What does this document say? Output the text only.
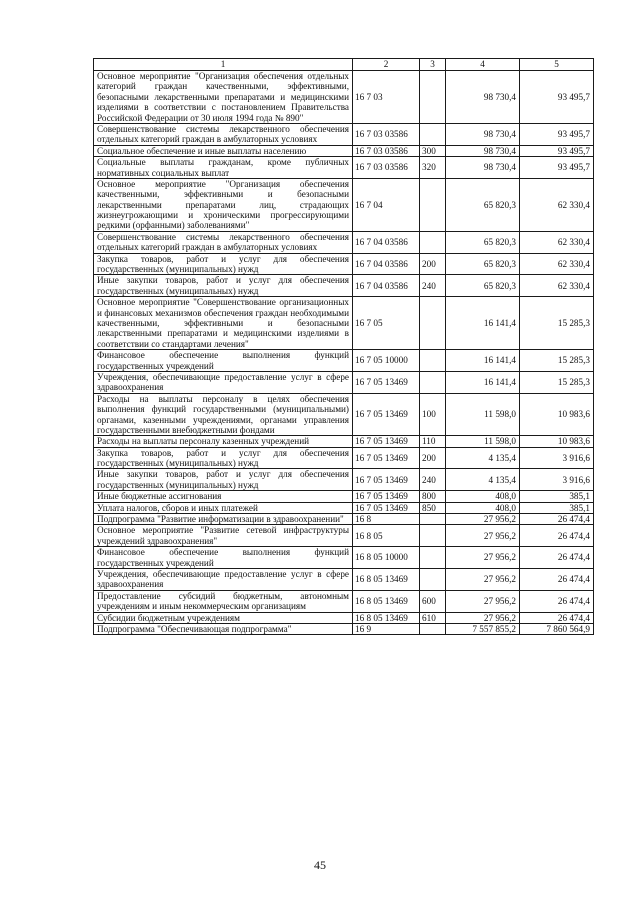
1	2	3	4	5
Основное мероприятие "Организация обеспечения отдельных категорий граждан качественными, эффективными, безопасными лекарственными препаратами и медицинскими изделиями в соответствии с постановлением Правительства Российской Федерации от 30 июля 1994 года № 890"	16 7 03		98 730,4	93 495,7
Совершенствование системы лекарственного обеспечения отдельных категорий граждан в амбулаторных условиях	16 7 03 03586		98 730,4	93 495,7
Социальное обеспечение и иные выплаты населению	16 7 03 03586	300	98 730,4	93 495,7
Социальные выплаты гражданам, кроме публичных нормативных социальных выплат	16 7 03 03586	320	98 730,4	93 495,7
Основное мероприятие "Организация обеспечения качественными, эффективными и безопасными лекарственными препаратами лиц, страдающих жизнеугрожающими и хроническими прогрессирующими редкими (орфанными) заболеваниями"	16 7 04		65 820,3	62 330,4
Совершенствование системы лекарственного обеспечения отдельных категорий граждан в амбулаторных условиях	16 7 04 03586		65 820,3	62 330,4
Закупка товаров, работ и услуг для обеспечения государственных (муниципальных) нужд	16 7 04 03586	200	65 820,3	62 330,4
Иные закупки товаров, работ и услуг для обеспечения государственных (муниципальных) нужд	16 7 04 03586	240	65 820,3	62 330,4
Основное мероприятие "Совершенствование организационных и финансовых механизмов обеспечения граждан необходимыми качественными, эффективными и безопасными лекарственными препаратами и медицинскими изделиями в соответствии со стандартами лечения"	16 7 05		16 141,4	15 285,3
Финансовое обеспечение выполнения функций государственных учреждений	16 7 05 10000		16 141,4	15 285,3
Учреждения, обеспечивающие предоставление услуг в сфере здравоохранения	16 7 05 13469		16 141,4	15 285,3
Расходы на выплаты персоналу в целях обеспечения выполнения функций государственными (муниципальными) органами, казенными учреждениями, органами управления государственными внебюджетными фондами	16 7 05 13469	100	11 598,0	10 983,6
Расходы на выплаты персоналу казенных учреждений	16 7 05 13469	110	11 598,0	10 983,6
Закупка товаров, работ и услуг для обеспечения государственных (муниципальных) нужд	16 7 05 13469	200	4 135,4	3 916,6
Иные закупки товаров, работ и услуг для обеспечения государственных (муниципальных) нужд	16 7 05 13469	240	4 135,4	3 916,6
Иные бюджетные ассигнования	16 7 05 13469	800	408,0	385,1
Уплата налогов, сборов и иных платежей	16 7 05 13469	850	408,0	385,1
Подпрограмма "Развитие информатизации в здравоохранении"	16 8		27 956,2	26 474,4
Основное мероприятие "Развитие сетевой инфраструктуры учреждений здравоохранения"	16 8 05		27 956,2	26 474,4
Финансовое обеспечение выполнения функций государственных учреждений	16 8 05 10000		27 956,2	26 474,4
Учреждения, обеспечивающие предоставление услуг в сфере здравоохранения	16 8 05 13469		27 956,2	26 474,4
Предоставление субсидий бюджетным, автономным учреждениям и иным некоммерческим организациям	16 8 05 13469	600	27 956,2	26 474,4
Субсидии бюджетным учреждениям	16 8 05 13469	610	27 956,2	26 474,4
Подпрограмма "Обеспечивающая подпрограмма"	16 9		7 557 855,2	7 860 564,9
45
